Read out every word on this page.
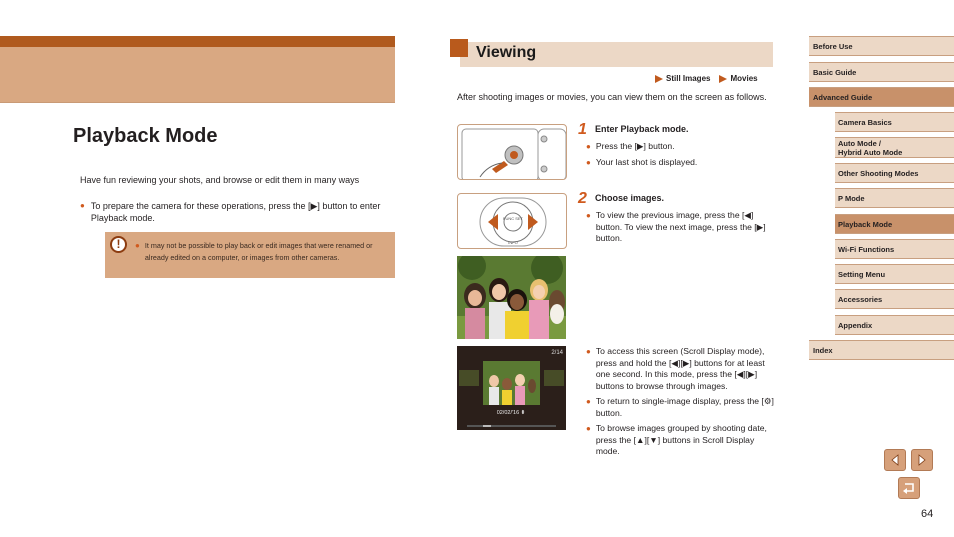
Playback Mode
Have fun reviewing your shots, and browse or edit them in many ways
● To prepare the camera for these operations, press the [▶] button to enter Playback mode.
!	● It may not be possible to play back or edit images that were renamed or already edited on a computer, or images from other cameras.
Viewing
Still Images	Movies
After shooting images or movies, you can view them on the screen as follows.
FUNC SET
INFO
1 Enter Playback mode.
● Press the [▶] button.
● Your last shot is displayed.
2 Choose images.
● To view the previous image, press the [◀] button. To view the next image, press the [▶] button.
2/14
02/02/'16 ⬍
● To access this screen (Scroll Display mode), press and hold the [◀][▶] buttons for at least one second. In this mode, press the [◀][▶] buttons to browse through images.
● To return to single-image display, press the [⚙] button.
● To browse images grouped by shooting date, press the [▲][▼] buttons in Scroll Display mode.
Before Use
Basic Guide
Advanced Guide
Camera Basics
Auto Mode /
Hybrid Auto Mode
Other Shooting Modes
P Mode
Playback Mode
Wi-Fi Functions
Setting Menu
Accessories
Appendix
Index
64
